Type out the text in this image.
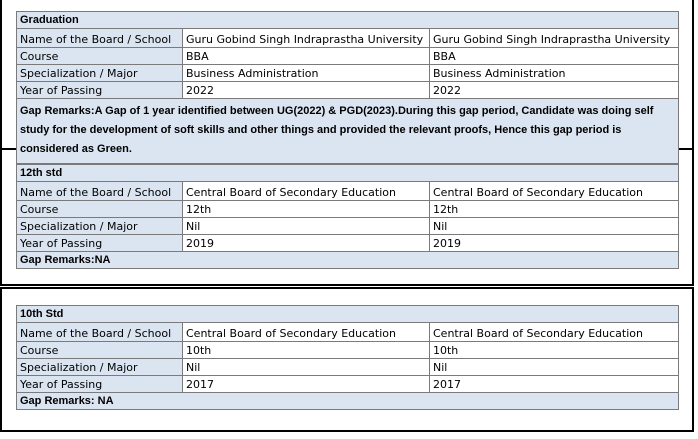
Graduation		
Name of the Board / School	Guru Gobind Singh Indraprastha University	Guru Gobind Singh Indraprastha University
Course	BBA	BBA
Specialization / Major	Business Administration	Business Administration
Year of Passing	2022	2022
Gap Remarks:A Gap of 1 year identified between UG(2022) & PGD(2023).During this gap period, Candidate was doing self study for the development of soft skills and other things and provided the relevant proofs, Hence this gap period is considered as Green.		
12th std		
Name of the Board / School	Central Board of Secondary Education	Central Board of Secondary Education
Course	12th	12th
Specialization / Major	Nil	Nil
Year of Passing	2019	2019
Gap Remarks:NA		
10th Std		
Name of the Board / School	Central Board of Secondary Education	Central Board of Secondary Education
Course	10th	10th
Specialization / Major	Nil	Nil
Year of Passing	2017	2017
Gap Remarks: NA		
